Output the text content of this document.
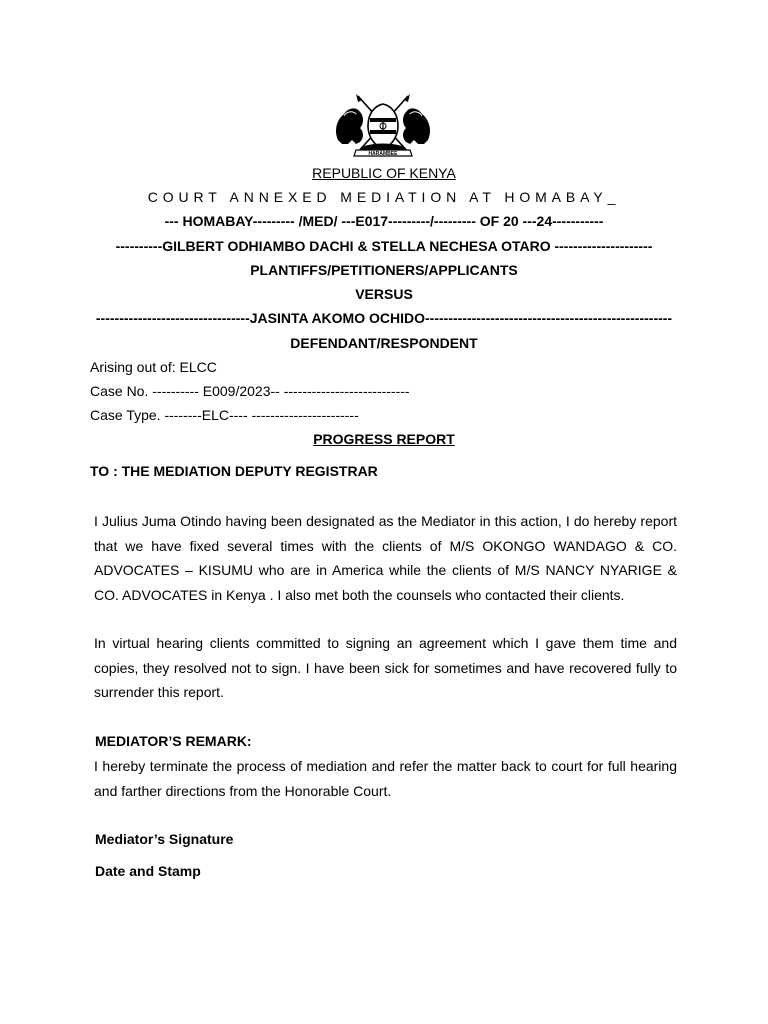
HARAMBEE
REPUBLIC OF KENYA
COURT ANNEXED MEDIATION AT HOMABAY_
--- HOMABAY--------- /MED/ ---E017---------/--------- OF 20 ---24-----------
----------GILBERT ODHIAMBO DACHI & STELLA NECHESA OTARO ---------------------
PLANTIFFS/PETITIONERS/APPLICANTS
VERSUS
---------------------------------JASINTA AKOMO OCHIDO-----------------------------------------------------
DEFENDANT/RESPONDENT
Arising out of: ELCC
Case No. ---------- E009/2023-- ---------------------------
Case Type. --------ELC---- -----------------------
PROGRESS REPORT
TO : THE MEDIATION DEPUTY REGISTRAR

I Julius Juma Otindo having been designated as the Mediator in this action, I do hereby report that we have fixed several times with the clients of M/S OKONGO WANDAGO & CO. ADVOCATES – KISUMU who are in America while the clients of M/S NANCY NYARIGE & CO. ADVOCATES in Kenya . I also met both the counsels who contacted their clients.

In virtual hearing clients committed to signing an agreement which I gave them time and copies, they resolved not to sign. I have been sick for sometimes and have recovered fully to surrender this report.

MEDIATOR’S REMARK:

I hereby terminate the process of mediation and refer the matter back to court for full hearing and farther directions from the Honorable Court.

Mediator’s Signature
Date and Stamp
